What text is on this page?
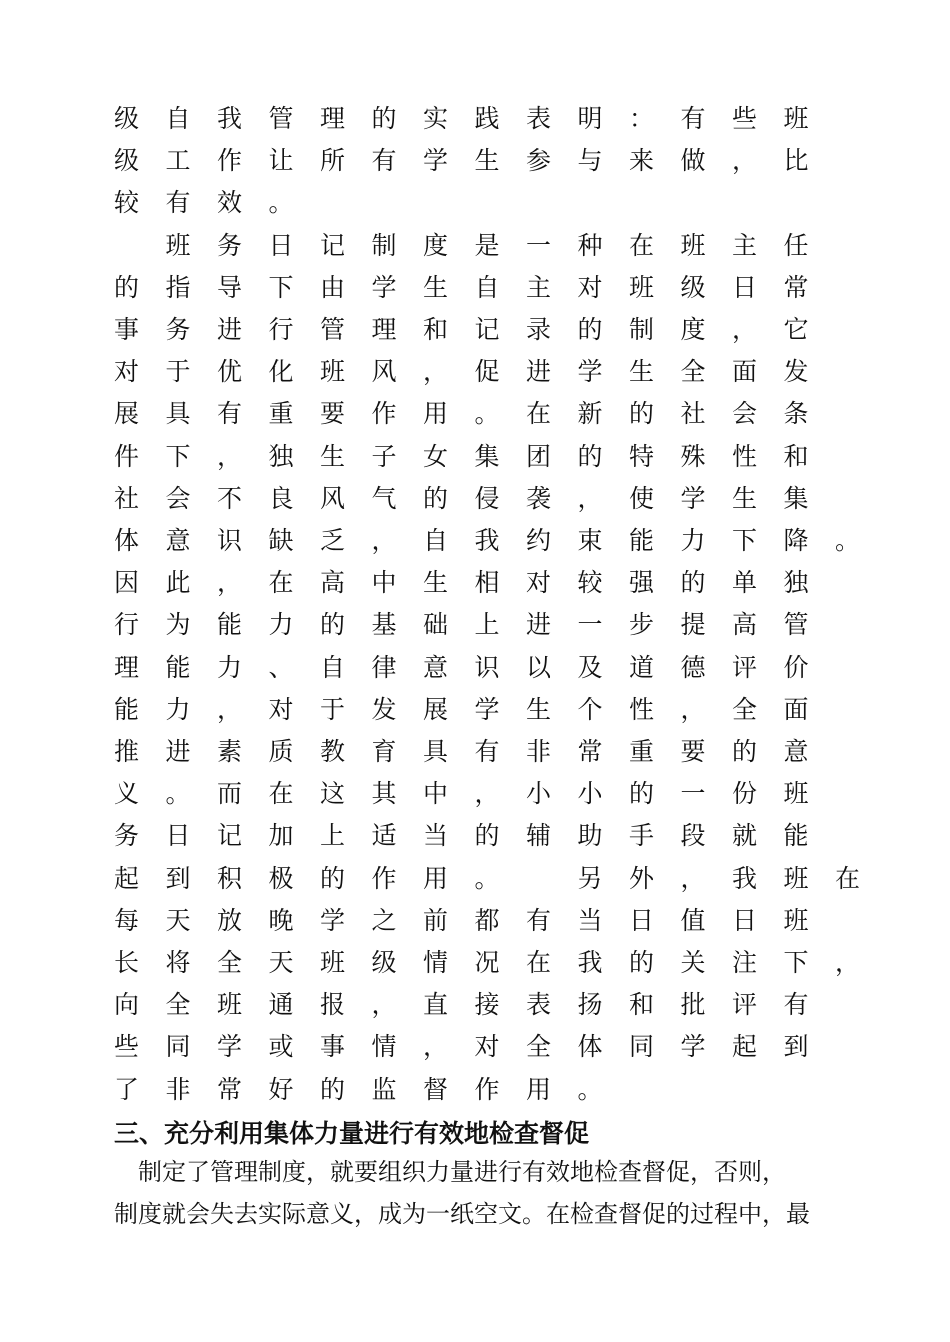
级	自	我	管	理	的	实	践	表	明	：	有	些	班
级	工	作	让	所	有	学	生	参	与	来	做	，	比
较	有	效	。

班	务	日	记	制	度	是	一	种	在	班	主	任
的	指	导	下	由	学	生	自	主	对	班	级	日	常
事	务	进	行	管	理	和	记	录	的	制	度	，	它
对	于	优	化	班	风	，	促	进	学	生	全	面	发
展	具	有	重	要	作	用	。	在	新	的	社	会	条
件	下	，	独	生	子	女	集	团	的	特	殊	性	和
社	会	不	良	风	气	的	侵	袭	，	使	学	生	集
体	意	识	缺	乏	，	自	我	约	束	能	力	下	降	。
因	此	，	在	高	中	生	相	对	较	强	的	单	独
行	为	能	力	的	基	础	上	进	一	步	提	高	管
理	能	力	、	自	律	意	识	以	及	道	德	评	价
能	力	，	对	于	发	展	学	生	个	性	，	全	面
推	进	素	质	教	育	具	有	非	常	重	要	的	意
义	。	而	在	这	其	中	，	小	小	的	一	份	班
务	日	记	加	上	适	当	的	辅	助	手	段	就	能
起	到	积	极	的	作	用	。
　	另	外	，	我	班	在
每	天	放	晚	学	之	前	都	有	当	日	值	日	班
长	将	全	天	班	级	情	况	在	我	的	关	注	下	，
向	全	班	通	报	，	直	接	表	扬	和	批	评	有
些	同	学	或	事	情	，	对	全	体	同	学	起	到
了	非	常	好	的	监	督	作	用	。
三、充分利用集体力量进行有效地检查督促
　制定了管理制度，就要组织力量进行有效地检查督促，否则，
制度就会失去实际意义，成为一纸空文。在检查督促的过程中，最
